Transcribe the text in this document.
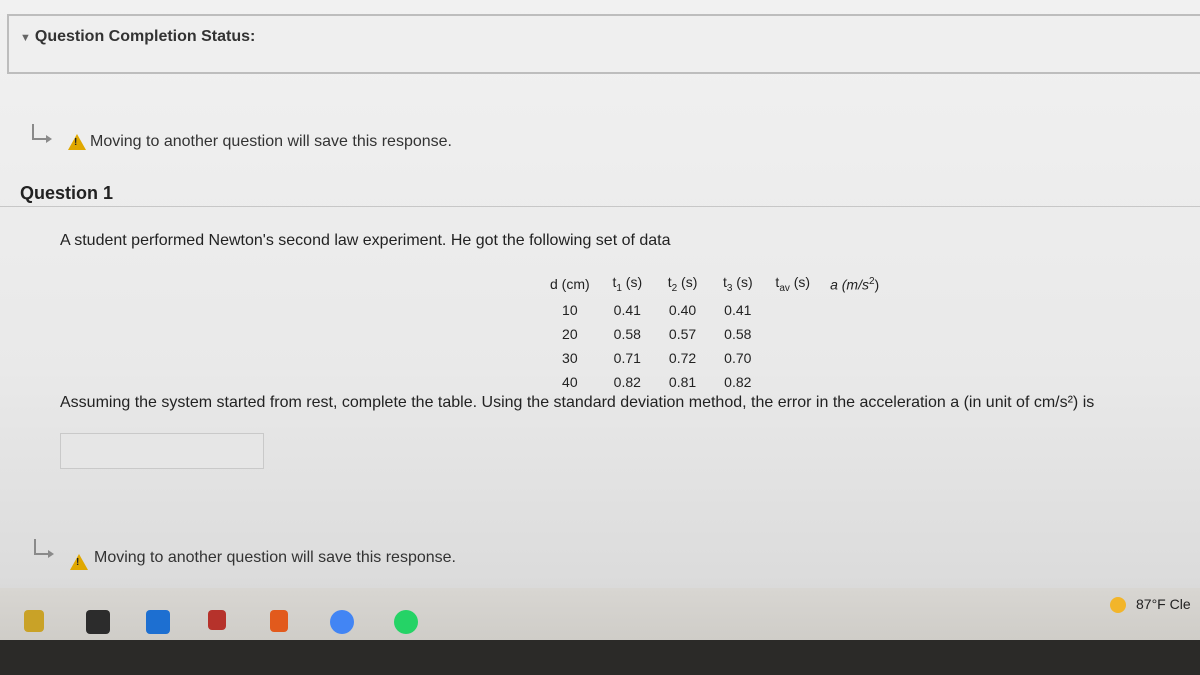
▼ Question Completion Status:
! Moving to another question will save this response.
Question 1
A student performed Newton's second law experiment. He got the following set of data
d (cm)	$t_1$ (s)	$t_2$ (s)	$t_3$ (s)	$t_{av}$ (s)	a $(m/s^2)$
10	0.41	0.40	0.41		
20	0.58	0.57	0.58		
30	0.71	0.72	0.70		
40	0.82	0.81	0.82		
Assuming the system started from rest, complete the table. Using the standard deviation method, the error in the acceleration a (in unit of cm/s²) is
! Moving to another question will save this response.
87°F Cle
